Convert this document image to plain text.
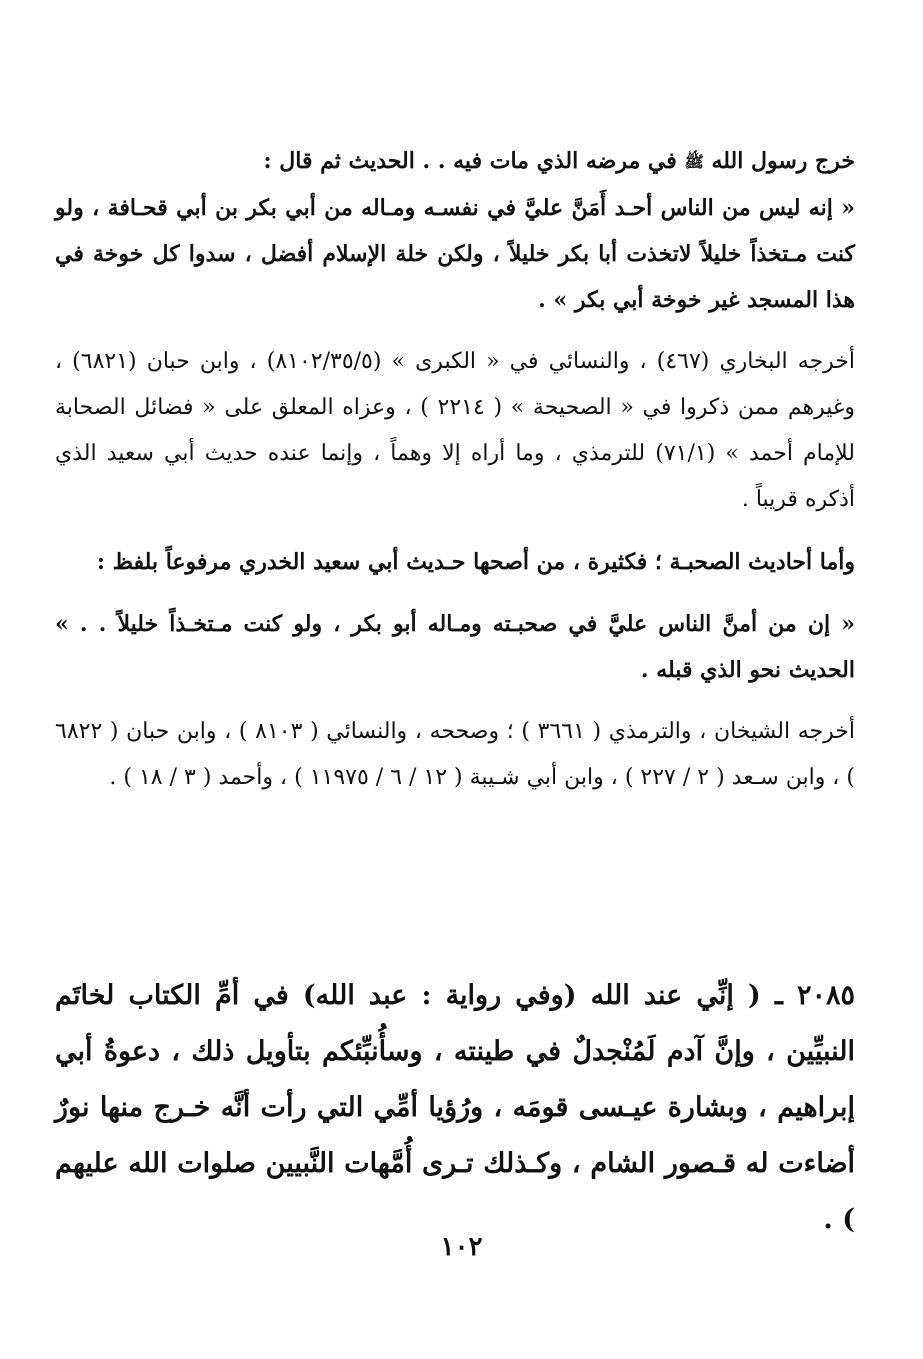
خرج رسول الله ﷺ في مرضه الذي مات فيه . . الحديث ثم قال :

« إنه ليس من الناس أحـد أَمَنَّ عليَّ في نفسـه ومـاله من أبي بكر بن أبي قحـافة ، ولو كنت مـتخذاً خليلاً لاتخذت أبا بكر خليلاً ، ولكن خلة الإسلام أفضل ، سدوا كل خوخة في هذا المسجد غير خوخة أبي بكر » .

أخرجه البخاري (٤٦٧) ، والنسائي في « الكبرى » (٨١٠٢/٣٥/٥) ، وابن حبان (٦٨٢١) ، وغيرهم ممن ذكروا في « الصحيحة » ( ٢٢١٤ ) ، وعزاه المعلق على « فضائل الصحابة للإمام أحمد » (٧١/١) للترمذي ، وما أراه إلا وهماً ، وإنما عنده حديث أبي سعيد الذي أذكره قريباً .

وأما أحاديث الصحبـة ؛ فكثيرة ، من أصحها حـديث أبي سعيد الخدري مرفوعاً بلفظ :

« إن من أمنَّ الناس عليَّ في صحبـته ومـاله أبو بكر ، ولو كنت مـتخـذاً خليلاً . . » الحديث نحو الذي قبله .

أخرجه الشيخان ، والترمذي ( ٣٦٦١ ) ؛ وصححه ، والنسائي ( ٨١٠٣ ) ، وابن حبان ( ٦٨٢٢ ) ، وابن سـعد ( ٢ / ٢٢٧ ) ، وابن أبي شـيبة ( ١٢ / ٦ / ١١٩٧٥ ) ، وأحمد ( ٣ / ١٨ ) .

٢٠٨٥ ـ ( إنِّي عند الله (وفي رواية : عبد الله) في أمِّ الكتاب لخاتَم النبيِّين ، وإنَّ آدم لَمُنْجدلٌ في طينته ، وسأُنبِّئكم بتأويل ذلك ، دعوةُ أبي إبراهيم ، وبشارة عيـسى قومَه ، ورُؤيا أمِّي التي رأت أنَّه خـرج منها نورٌ أضاءت له قـصور الشام ، وكـذلك تـرى أُمَّهات النَّبيين صلوات الله عليهم ) .
١٠٢
